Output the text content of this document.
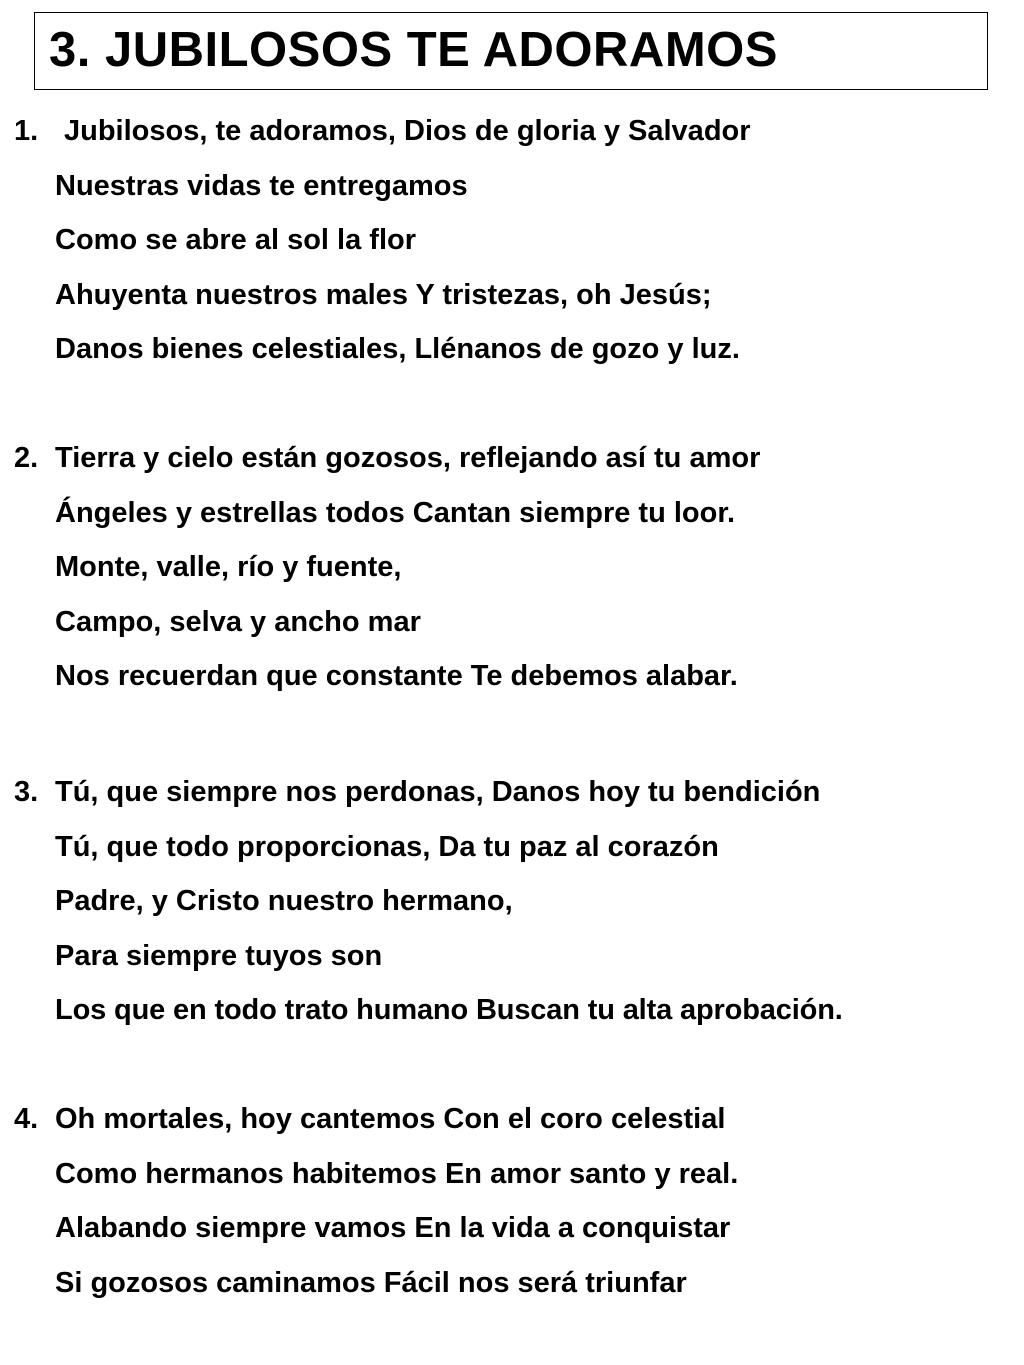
3. JUBILOSOS TE ADORAMOS
1. Jubilosos, te adoramos, Dios de gloria y Salvador
Nuestras vidas te entregamos
Como se abre al sol la flor
Ahuyenta nuestros males Y tristezas, oh Jesús;
Danos bienes celestiales, Llénanos de gozo y luz.
2. Tierra y cielo están gozosos, reflejando así tu amor
Ángeles y estrellas todos Cantan siempre tu loor.
Monte, valle, río y fuente,
Campo, selva y ancho mar
Nos recuerdan que constante Te debemos alabar.
3. Tú, que siempre nos perdonas, Danos hoy tu bendición
Tú, que todo proporcionas, Da tu paz al corazón
Padre, y Cristo nuestro hermano,
Para siempre tuyos son
Los que en todo trato humano Buscan tu alta aprobación.
4. Oh mortales, hoy cantemos Con el coro celestial
Como hermanos habitemos En amor santo y real.
Alabando siempre vamos En la vida a conquistar
Si gozosos caminamos Fácil nos será triunfar
